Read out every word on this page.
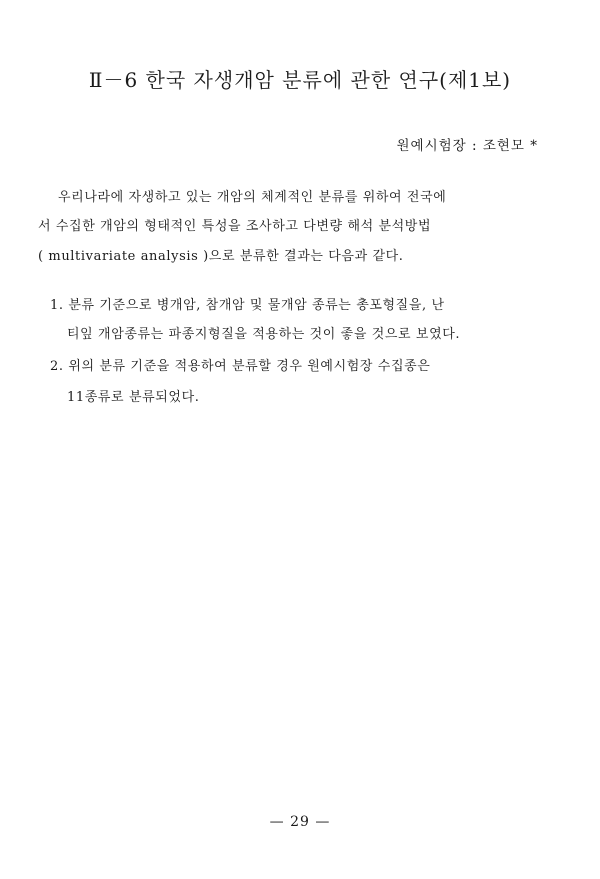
Ⅱ－6 한국 자생개암 분류에 관한 연구(제1보)
원예시험장 : 조현모 *

우리나라에 자생하고 있는 개암의 체계적인 분류를 위하여 전국에

서 수집한 개암의 형태적인 특성을 조사하고 다변량 해석 분석방법

( multivariate analysis )으로 분류한 결과는 다음과 같다.

1. 분류 기준으로 병개암, 참개암 및 물개암 종류는 총포형질을, 난

티잎 개암종류는 파종지형질을 적용하는 것이 좋을 것으로 보였다.

2. 위의 분류 기준을 적용하여 분류할 경우 원예시험장 수집종은

11종류로 분류되었다.

— 29 —
